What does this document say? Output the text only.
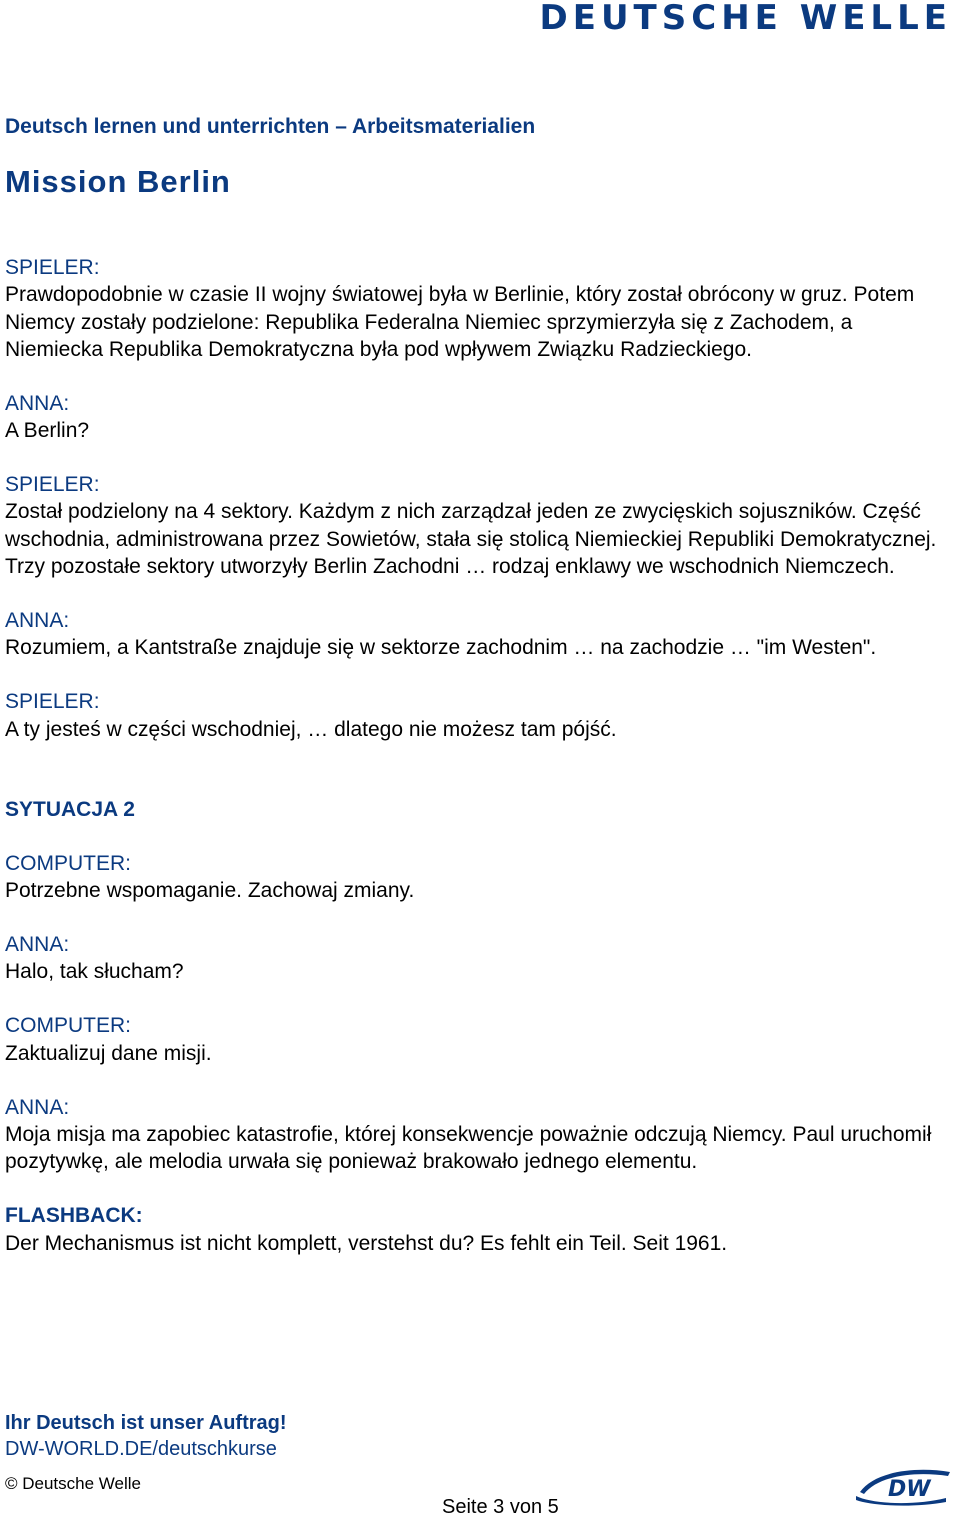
DEUTSCHE WELLE
Deutsch lernen und unterrichten – Arbeitsmaterialien
Mission Berlin

SPIELER:

Prawdopodobnie w czasie II wojny światowej była w Berlinie, który został obrócony w gruz. Potem Niemcy zostały podzielone: Republika Federalna Niemiec sprzymierzyła się z Zachodem, a Niemiecka Republika Demokratyczna była pod wpływem Związku Radzieckiego.

ANNA:

A Berlin?

SPIELER:

Został podzielony na 4 sektory. Każdym z nich zarządzał jeden ze zwycięskich sojuszników. Część wschodnia, administrowana przez Sowietów, stała się stolicą Niemieckiej Republiki Demokratycznej. Trzy pozostałe sektory utworzyły Berlin Zachodni … rodzaj enklawy we wschodnich Niemczech.

ANNA:

Rozumiem, a Kantstraße znajduje się w sektorze zachodnim … na zachodzie … "im Westen".

SPIELER:

A ty jesteś w części wschodniej, … dlatego nie możesz tam pójść.

SYTUACJA 2

COMPUTER:

Potrzebne wspomaganie. Zachowaj zmiany.

ANNA:

Halo, tak słucham?

COMPUTER:

Zaktualizuj dane misji.

ANNA:

Moja misja ma zapobiec katastrofie, której konsekwencje poważnie odczują Niemcy. Paul uruchomił pozytywkę, ale melodia urwała się ponieważ brakowało jednego elementu.

FLASHBACK:

Der Mechanismus ist nicht komplett, verstehst du? Es fehlt ein Teil. Seit 1961.

Ihr Deutsch ist unser Auftrag!
DW-WORLD.DE/deutschkurse
© Deutsche Welle
Seite 3 von 5
DW
